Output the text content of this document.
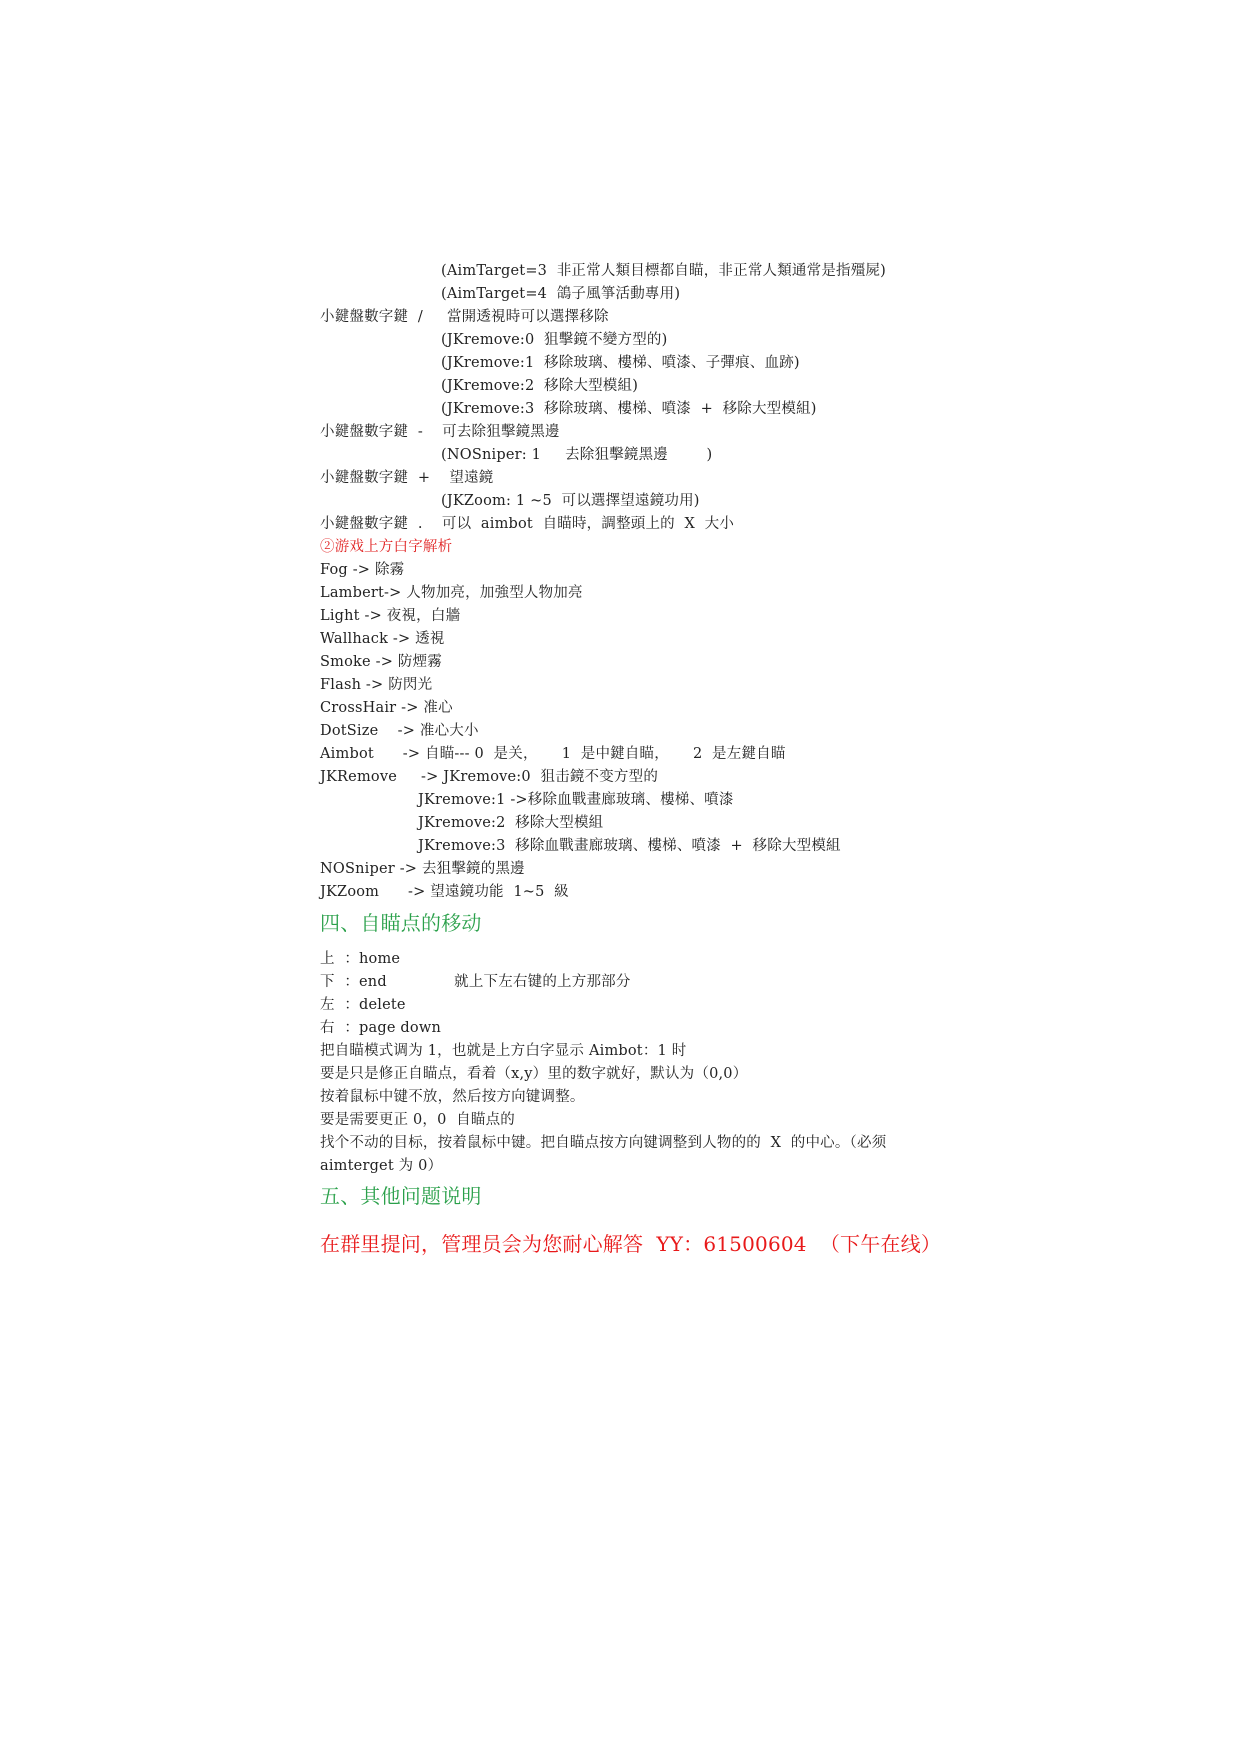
(AimTarget=3  非正常人類目標都自瞄，非正常人類通常是指殭屍)
(AimTarget=4  鴿子風箏活動專用)
小鍵盤數字鍵  /     當開透視時可以選擇移除
(JKremove:0  狙擊鏡不變方型的)
(JKremove:1  移除玻璃、樓梯、噴漆、子彈痕、血跡)
(JKremove:2  移除大型模組)
(JKremove:3  移除玻璃、樓梯、噴漆  +  移除大型模組)
小鍵盤數字鍵  -    可去除狙擊鏡黑邊
(NOSniper: 1     去除狙擊鏡黑邊        )
小鍵盤數字鍵  +    望遠鏡
(JKZoom: 1 ~5  可以選擇望遠鏡功用)
小鍵盤數字鍵  .    可以  aimbot  自瞄時，調整頭上的  X  大小
②游戏上方白字解析
Fog -> 除霧
Lambert-> 人物加亮，加強型人物加亮
Light -> 夜視，白牆
Wallhack -> 透視
Smoke -> 防煙霧
Flash -> 防閃光
CrossHair -> 准心
DotSize    -> 准心大小
Aimbot      -> 自瞄--- 0  是关，     1  是中鍵自瞄，     2  是左鍵自瞄
JKRemove     -> JKremove:0  狙击鏡不变方型的
JKremove:1 ->移除血戰畫廊玻璃、樓梯、噴漆
JKremove:2  移除大型模組
JKremove:3  移除血戰畫廊玻璃、樓梯、噴漆  +  移除大型模組
NOSniper -> 去狙擊鏡的黑邊
JKZoom      -> 望遠鏡功能  1~5  級
四、自瞄点的移动
上  ：home
下  ：end              就上下左右键的上方那部分
左  ：delete
右  ：page down
把自瞄模式调为 1，也就是上方白字显示 Aimbot：1 时
要是只是修正自瞄点，看着（x,y）里的数字就好，默认为（0,0）
按着鼠标中键不放，然后按方向键调整。
要是需要更正 0，0  自瞄点的
找个不动的目标，按着鼠标中键。把自瞄点按方向键调整到人物的的  X  的中心。（必须
aimterget 为 0）
五、其他问题说明
在群里提问，管理员会为您耐心解答  YY：61500604  （下午在线）
